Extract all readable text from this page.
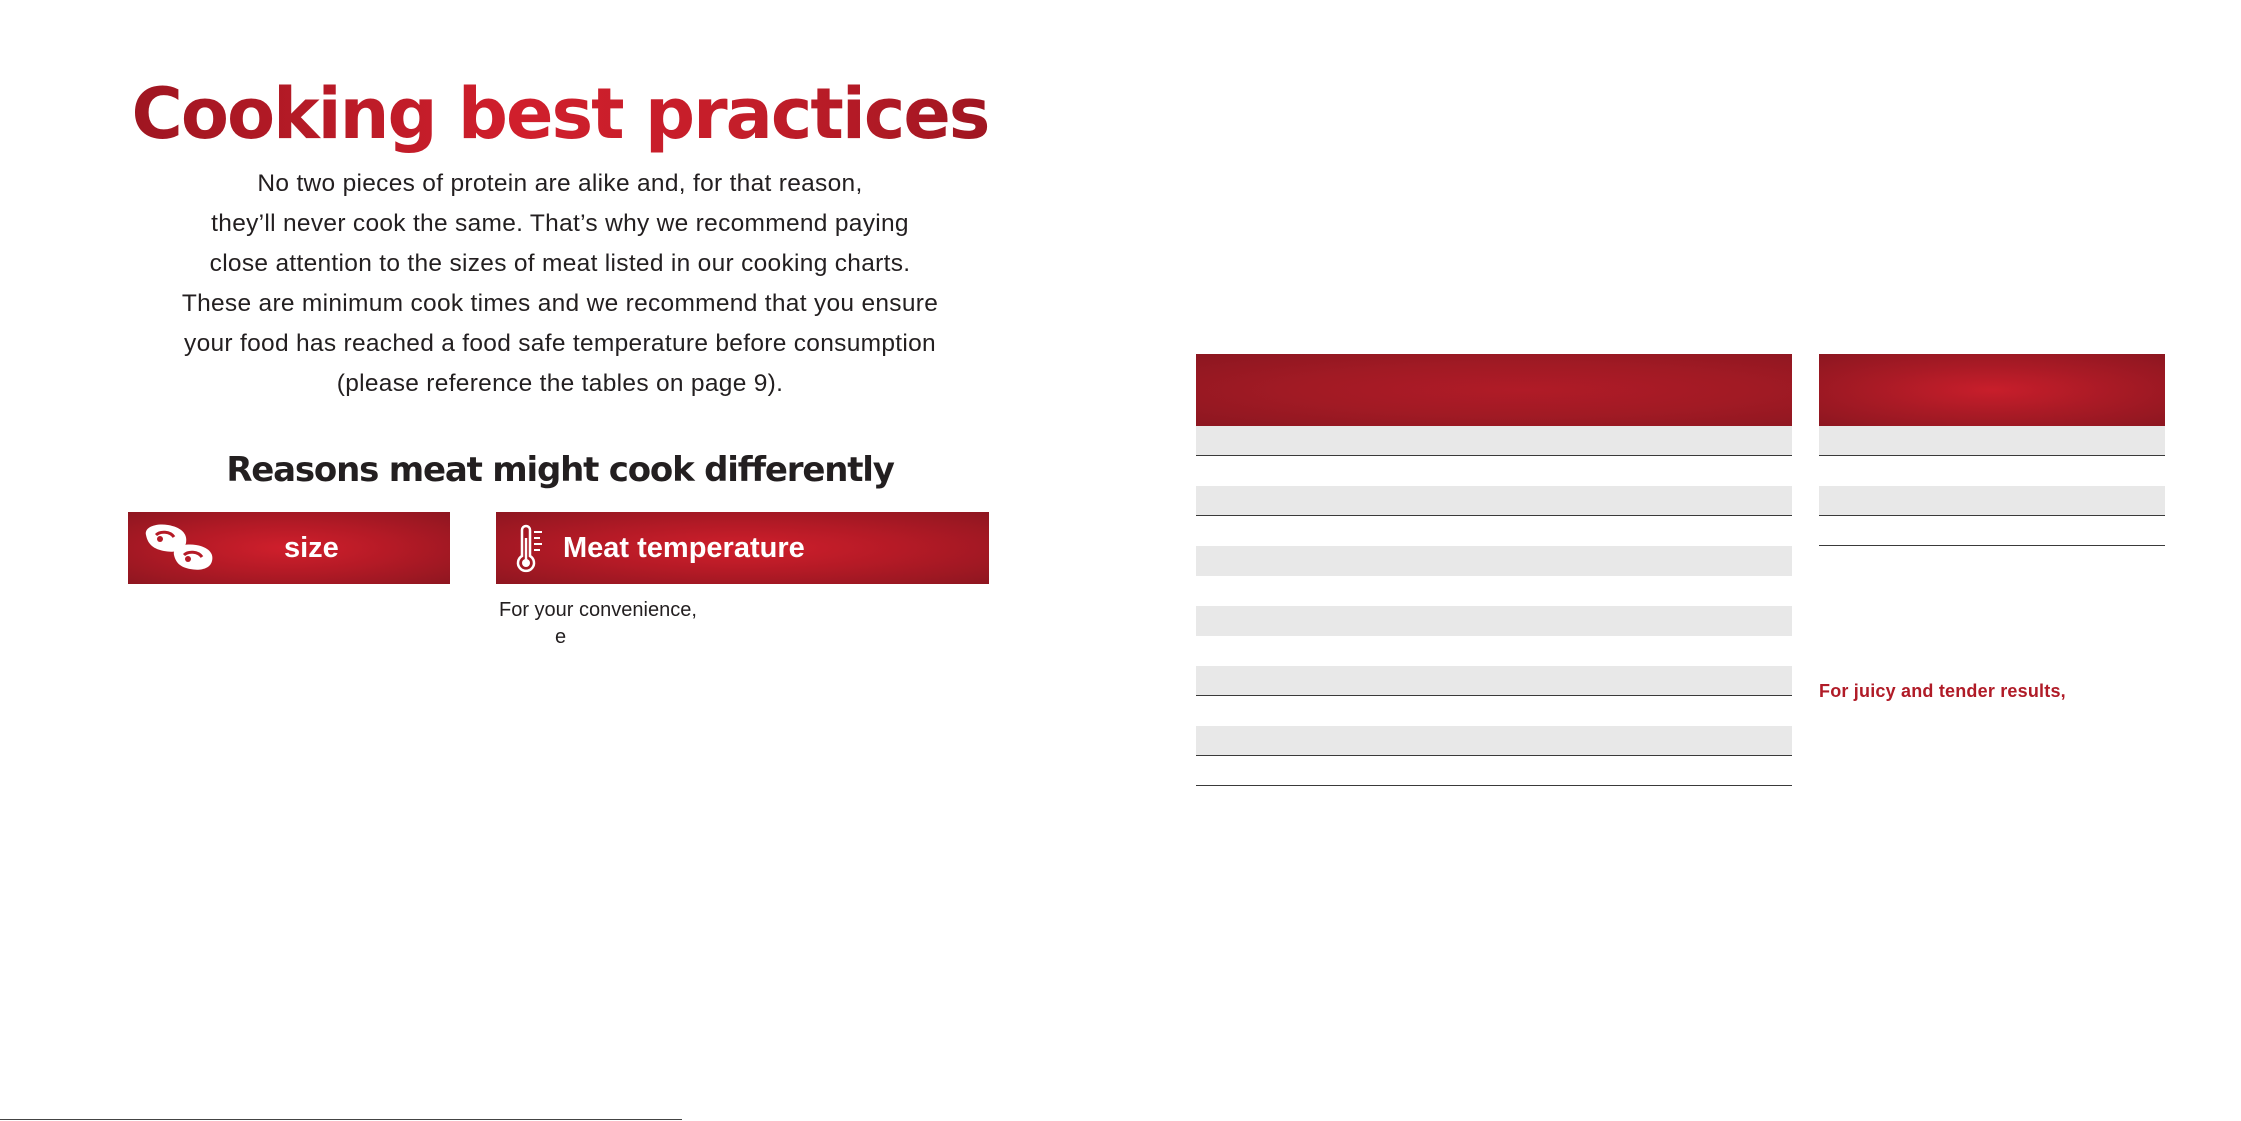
Cooking best practices

No two pieces of protein are alike and, for that reason,
they’ll never cook the same. That’s why we recommend paying
close attention to the sizes of meat listed in our cooking charts.
These are minimum cook times and we recommend that you ensure
your food has reached a food safe temperature before consumption
(please reference the tables on page 9).

Reasons meat might cook differently
size	Meat temperature
For your convenience,
e
For juicy and tender results,
